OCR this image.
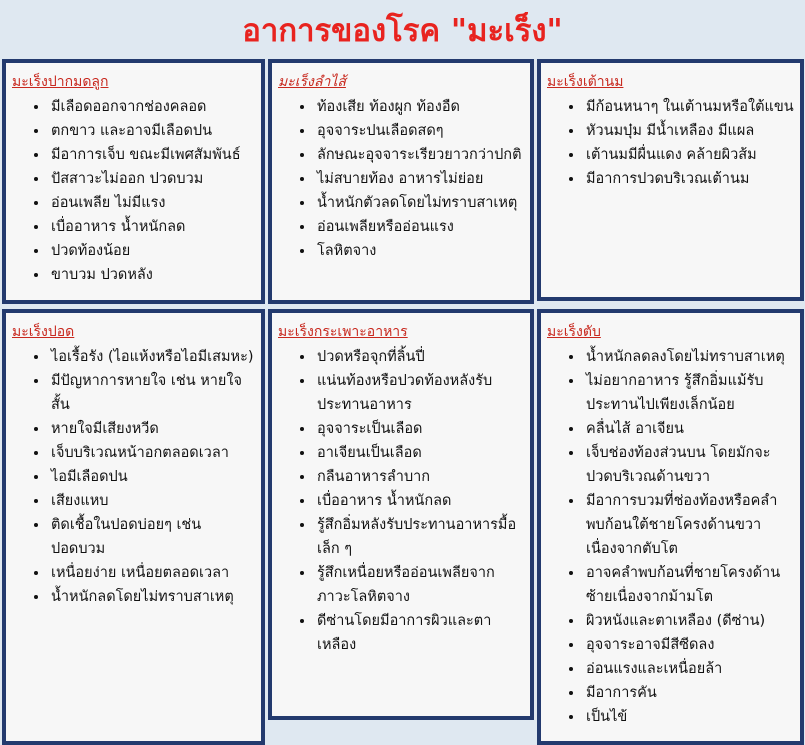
อาการของโรค "มะเร็ง"
มะเร็งปากมดลูก
• มีเลือดออกจากช่องคลอด
• ตกขาว และอาจมีเลือดปน
• มีอาการเจ็บ ขณะมีเพศสัมพันธ์
• ปัสสาวะไม่ออก ปวดบวม
• อ่อนเพลีย ไม่มีแรง
• เบื่ออาหาร น้ำหนักลด
• ปวดท้องน้อย
• ขาบวม ปวดหลัง
มะเร็งลำไส้
• ท้องเสีย ท้องผูก ท้องอืด
• อุจจาระปนเลือดสดๆ
• ลักษณะอุจจาระเรียวยาวกว่าปกติ
• ไม่สบายท้อง อาหารไม่ย่อย
• น้ำหนักตัวลดโดยไม่ทราบสาเหตุ
• อ่อนเพลียหรืออ่อนแรง
• โลหิตจาง
มะเร็งเต้านม
• มีก้อนหนาๆ ในเต้านมหรือใต้แขน
• หัวนมบุ๋ม มีน้ำเหลือง มีแผล
• เต้านมมีผื่นแดง คล้ายผิวส้ม
• มีอาการปวดบริเวณเต้านม
มะเร็งปอด
• ไอเรื้อรัง (ไอแห้งหรือไอมีเสมหะ)
• มีปัญหาการหายใจ เช่น หายใจสั้น
• หายใจมีเสียงหวีด
• เจ็บบริเวณหน้าอกตลอดเวลา
• ไอมีเลือดปน
• เสียงแหบ
• ติดเชื้อในปอดบ่อยๆ เช่น ปอดบวม
• เหนื่อยง่าย เหนื่อยตลอดเวลา
• น้ำหนักลดโดยไม่ทราบสาเหตุ
มะเร็งกระเพาะอาหาร
• ปวดหรือจุกที่ลิ้นปี่
• แน่นท้องหรือปวดท้องหลังรับประทานอาหาร
• อุจจาระเป็นเลือด
• อาเจียนเป็นเลือด
• กลืนอาหารลำบาก
• เบื่ออาหาร น้ำหนักลด
• รู้สึกอิ่มหลังรับประทานอาหารมื้อเล็ก ๆ
• รู้สึกเหนื่อยหรืออ่อนเพลียจากภาวะโลหิตจาง
• ดีซ่านโดยมีอาการผิวและตาเหลือง
มะเร็งตับ
• น้ำหนักลดลงโดยไม่ทราบสาเหตุ
• ไม่อยากอาหาร รู้สึกอิ่มแม้รับประทานไปเพียงเล็กน้อย
• คลื่นไส้ อาเจียน
• เจ็บช่องท้องส่วนบน โดยมักจะปวดบริเวณด้านขวา
• มีอาการบวมที่ช่องท้องหรือคลำพบก้อนใต้ชายโครงด้านขวา เนื่องจากตับโต
• อาจคลำพบก้อนที่ชายโครงด้านซ้ายเนื่องจากม้ามโต
• ผิวหนังและตาเหลือง (ดีซ่าน)
• อุจจาระอาจมีสีซีดลง
• อ่อนแรงและเหนื่อยล้า
• มีอาการคัน
• เป็นไข้
